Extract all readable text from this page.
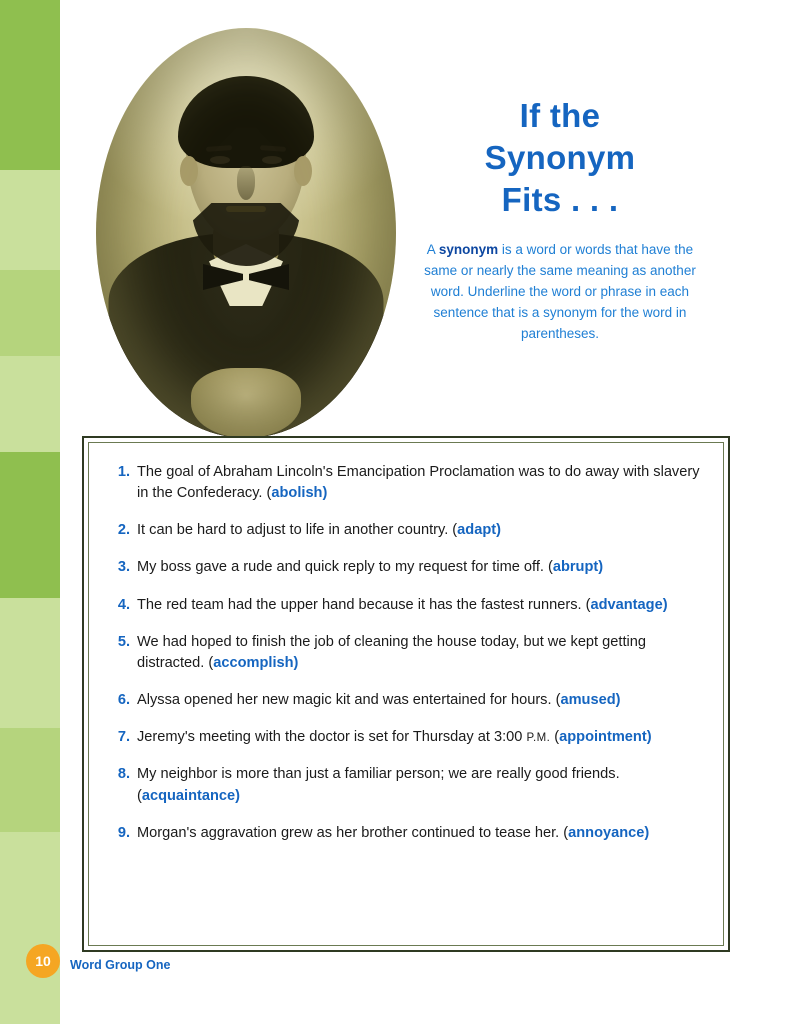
If the
Synonym
Fits . . .
A synonym is a word or words that have the same or nearly the same meaning as another word. Underline the word or phrase in each sentence that is a synonym for the word in parentheses.
1. The goal of Abraham Lincoln's Emancipation Proclamation was to do away with slavery in the Confederacy. (abolish)
2. It can be hard to adjust to life in another country. (adapt)
3. My boss gave a rude and quick reply to my request for time off. (abrupt)
4. The red team had the upper hand because it has the fastest runners. (advantage)
5. We had hoped to finish the job of cleaning the house today, but we kept getting distracted. (accomplish)
6. Alyssa opened her new magic kit and was entertained for hours. (amused)
7. Jeremy's meeting with the doctor is set for Thursday at 3:00 P.M. (appointment)
8. My neighbor is more than just a familiar person; we are really good friends. (acquaintance)
9. Morgan's aggravation grew as her brother continued to tease her. (annoyance)
10	Word Group One
